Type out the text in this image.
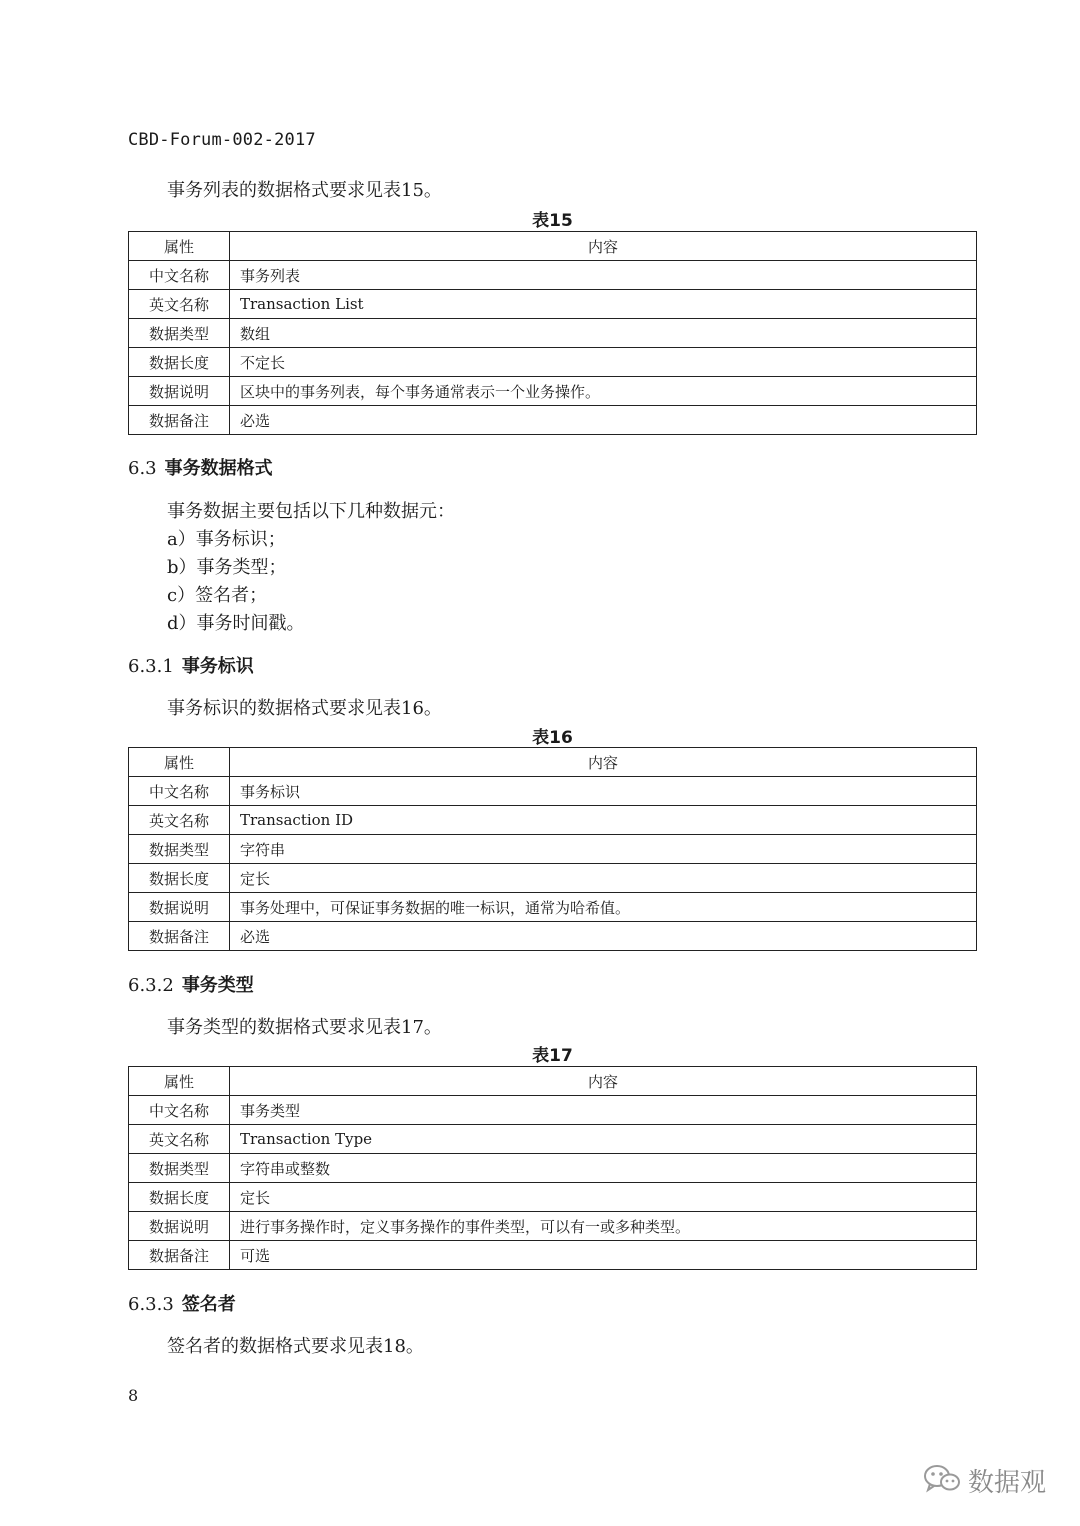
CBD-Forum-002-2017
事务列表的数据格式要求见表15。
表15
属性	内容
中文名称	事务列表
英文名称	Transaction List
数据类型	数组
数据长度	不定长
数据说明	区块中的事务列表，每个事务通常表示一个业务操作。
数据备注	必选
6.3 事务数据格式
事务数据主要包括以下几种数据元：
a）事务标识；
b）事务类型；
c）签名者；
d）事务时间戳。
6.3.1 事务标识
事务标识的数据格式要求见表16。
表16
属性	内容
中文名称	事务标识
英文名称	Transaction ID
数据类型	字符串
数据长度	定长
数据说明	事务处理中，可保证事务数据的唯一标识，通常为哈希值。
数据备注	必选
6.3.2 事务类型
事务类型的数据格式要求见表17。
表17
属性	内容
中文名称	事务类型
英文名称	Transaction Type
数据类型	字符串或整数
数据长度	定长
数据说明	进行事务操作时，定义事务操作的事件类型，可以有一或多种类型。
数据备注	可选
6.3.3 签名者
签名者的数据格式要求见表18。
8
数据观
